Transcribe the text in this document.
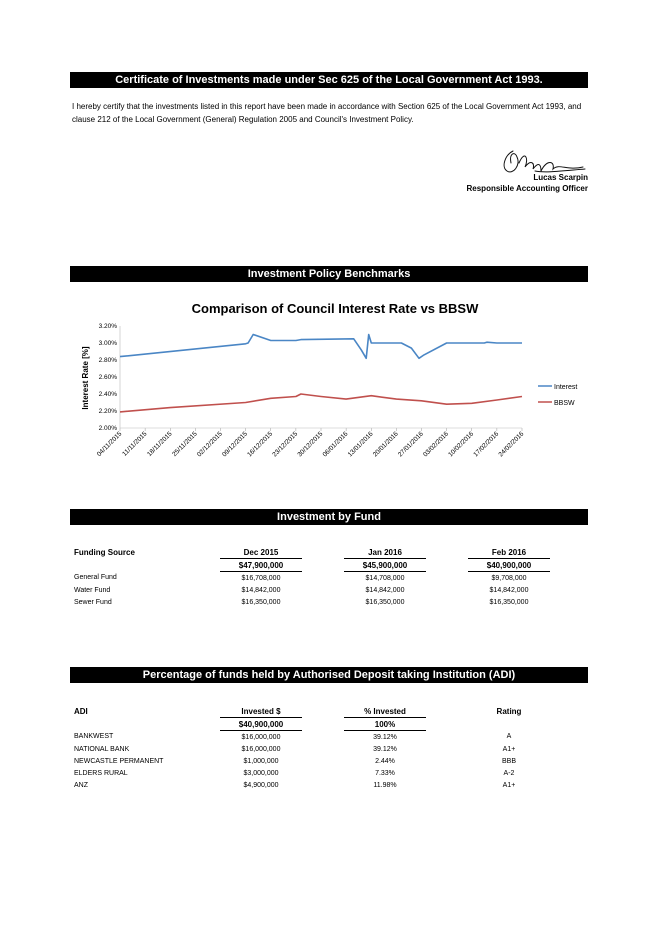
Certificate of Investments made under Sec 625 of the Local Government Act 1993.
I hereby certify that the investments listed in this report have been made in accordance with Section 625 of the Local Government Act 1993, and clause 212 of the Local Government (General) Regulation 2005 and Council's Investment Policy.
Lucas Scarpin
Responsible Accounting Officer
Investment Policy Benchmarks
Comparison of Council Interest Rate vs BBSW
2.00%
2.20%
2.40%
2.60%
2.80%
3.00%
3.20%
04/11/2015
11/11/2015
18/11/2015
25/11/2015
02/12/2015
09/12/2015
16/12/2015
23/12/2015
30/12/2015
06/01/2016
13/01/2016
20/01/2016
27/01/2016
03/02/2016
10/02/2016
17/02/2016
24/02/2016
Interest Rate [%]	Interest
BBSW
Investment by Fund
Funding Source	Dec 2015		Jan 2016		Feb 2016
	$47,900,000		$45,900,000		$40,900,000
General Fund	$16,708,000		$14,708,000		$9,708,000
Water Fund	$14,842,000		$14,842,000		$14,842,000
Sewer Fund	$16,350,000		$16,350,000		$16,350,000
Percentage of funds held by Authorised Deposit taking Institution (ADI)
ADI	Invested $		% Invested		Rating
	$40,900,000		100%		
BANKWEST	$16,000,000		39.12%		A
NATIONAL BANK	$16,000,000		39.12%		A1+
NEWCASTLE PERMANENT	$1,000,000		2.44%		BBB
ELDERS RURAL	$3,000,000		7.33%		A-2
ANZ	$4,900,000		11.98%		A1+
